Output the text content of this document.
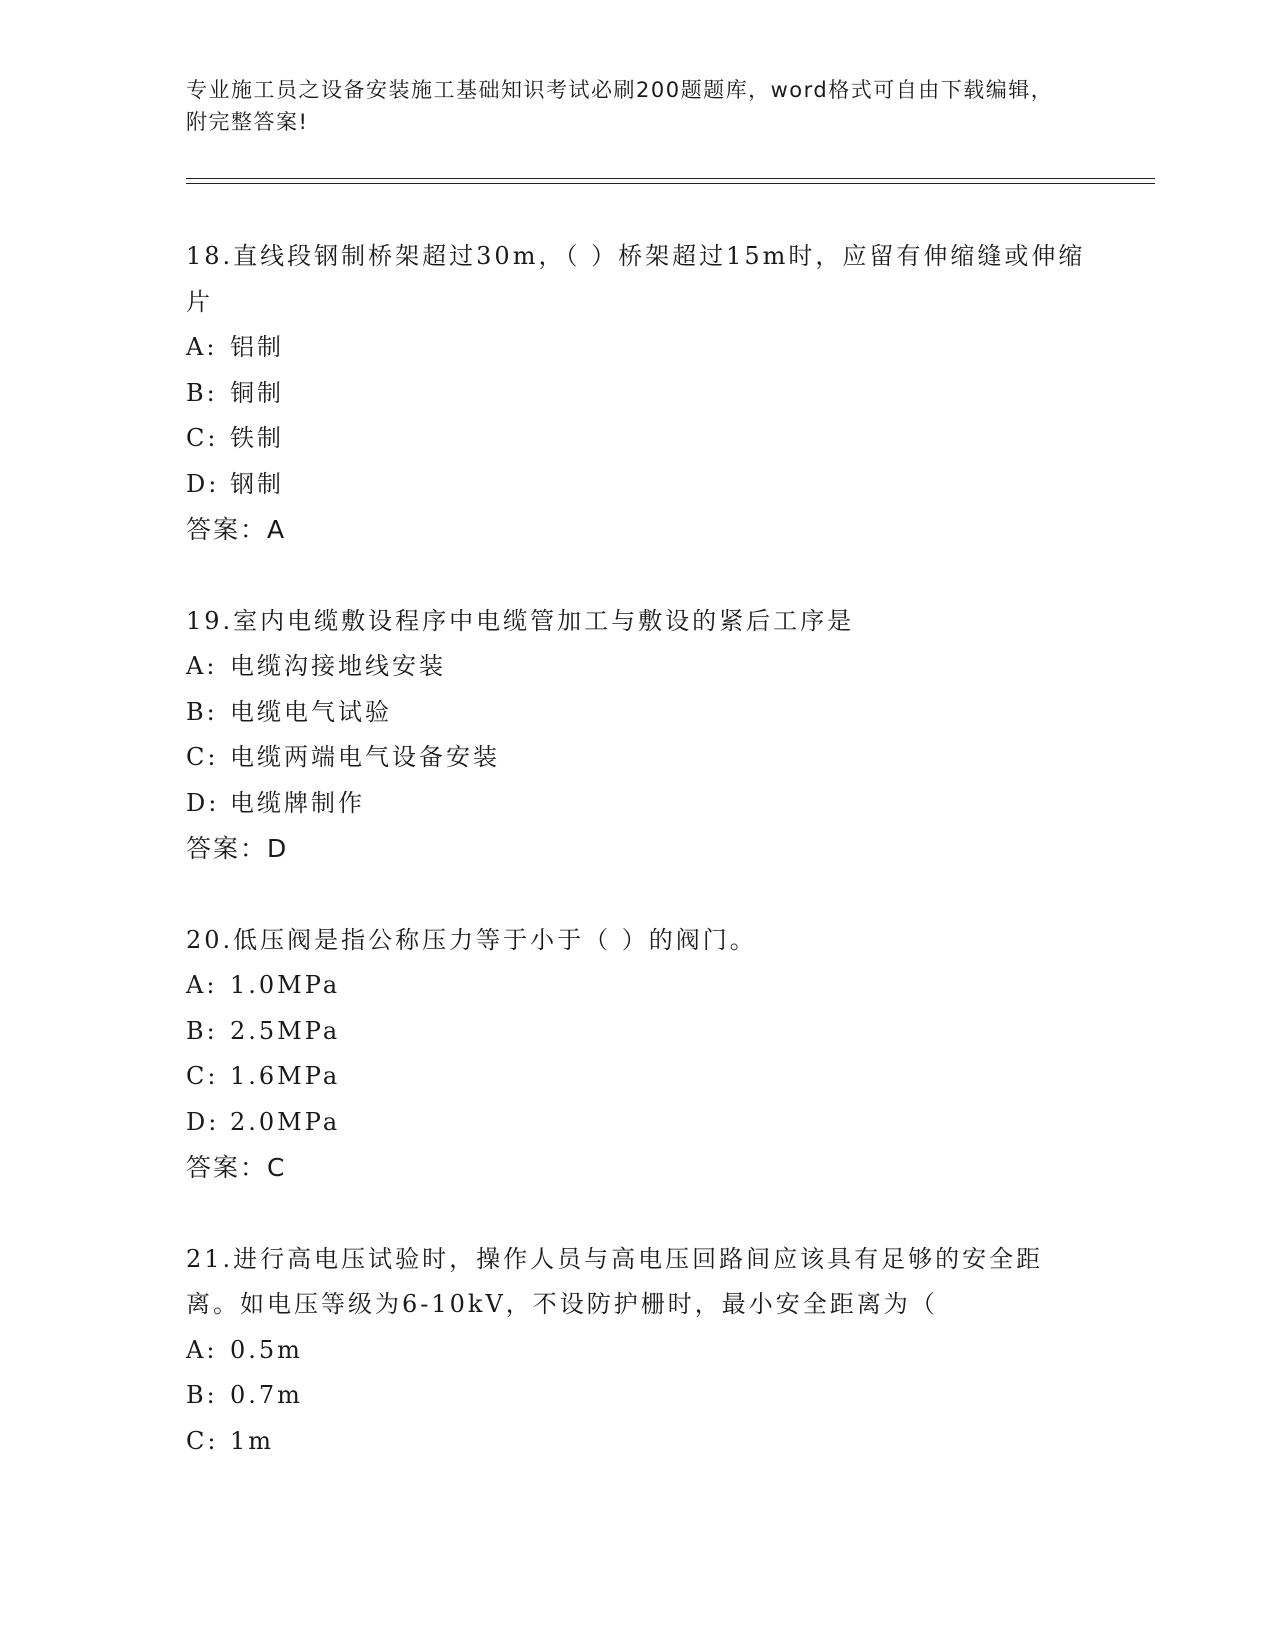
专业施工员之设备安装施工基础知识考试必刷200题题库，word格式可自由下载编辑，附完整答案!

18.直线段钢制桥架超过30m，（ ）桥架超过15m时，应留有伸缩缝或伸缩片

A: 铝制

B: 铜制

C: 铁制

D: 钢制

答案：A

19.室内电缆敷设程序中电缆管加工与敷设的紧后工序是

A: 电缆沟接地线安装

B: 电缆电气试验

C: 电缆两端电气设备安装

D: 电缆牌制作

答案：D

20.低压阀是指公称压力等于小于（ ）的阀门。

A: 1.0MPa

B: 2.5MPa

C: 1.6MPa

D: 2.0MPa

答案：C

21.进行高电压试验时，操作人员与高电压回路间应该具有足够的安全距离。如电压等级为6-10kV，不设防护栅时，最小安全距离为（

A: 0.5m

B: 0.7m

C: 1m
